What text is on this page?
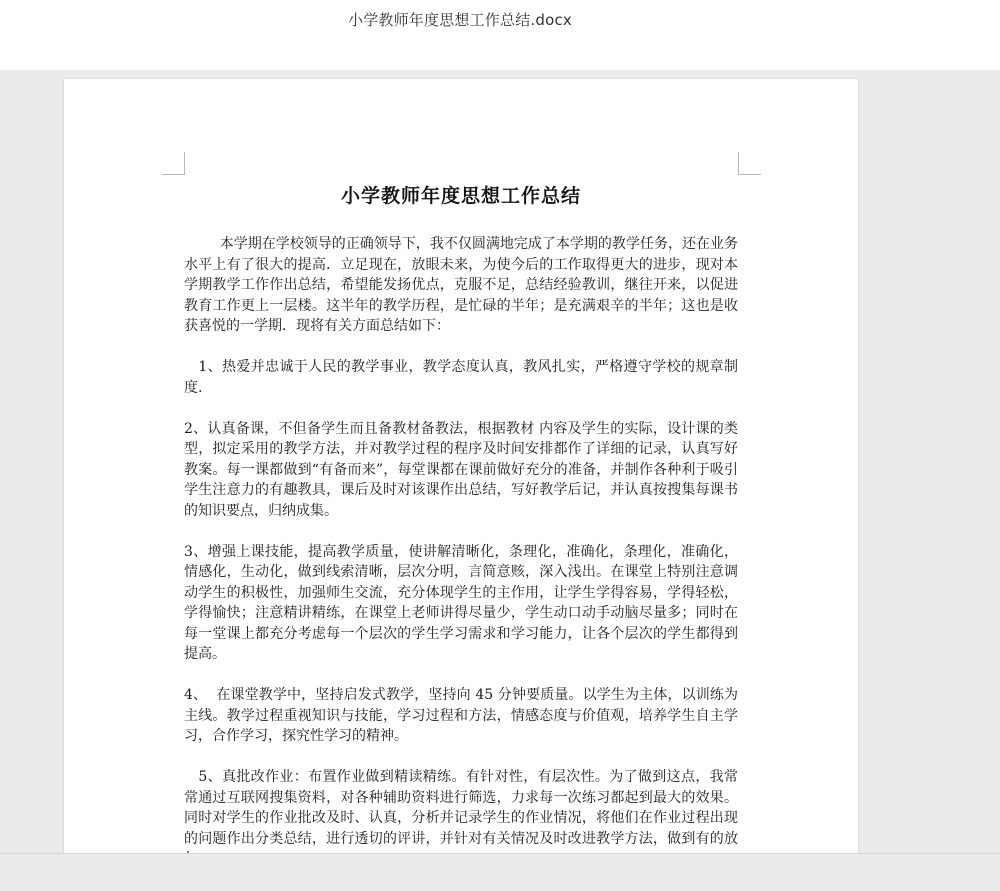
小学教师年度思想工作总结.docx
小学教师年度思想工作总结

本学期在学校领导的正确领导下，我不仅圆满地完成了本学期的教学任务，还在业务水平上有了很大的提高．立足现在，放眼未来，为使今后的工作取得更大的进步，现对本学期教学工作作出总结，希望能发扬优点，克服不足，总结经验教训，继往开来，以促进教育工作更上一层楼。这半年的教学历程，是忙碌的半年；是充满艰辛的半年；这也是收获喜悦的一学期．现将有关方面总结如下：

1、热爱并忠诚于人民的教学事业，教学态度认真，教风扎实，严格遵守学校的规章制度.

2、认真备课，不但备学生而且备教材备教法，根据教材 内容及学生的实际，设计课的类型，拟定采用的教学方法，并对教学过程的程序及时间安排都作了详细的记录，认真写好教案。每一课都做到“有备而来”，每堂课都在课前做好充分的准备，并制作各种利于吸引学生注意力的有趣教具，课后及时对该课作出总结，写好教学后记，并认真按搜集每课书的知识要点，归纳成集。

3、增强上课技能，提高教学质量，使讲解清晰化，条理化，准确化，条理化，准确化，情感化，生动化，做到线索清晰，层次分明，言简意赅，深入浅出。在课堂上特别注意调动学生的积极性，加强师生交流，充分体现学生的主作用，让学生学得容易，学得轻松，学得愉快；注意精讲精练，在课堂上老师讲得尽量少，学生动口动手动脑尽量多；同时在每一堂课上都充分考虑每一个层次的学生学习需求和学习能力，让各个层次的学生都得到提高。

4、  在课堂教学中，坚持启发式教学，坚持向 45 分钟要质量。以学生为主体，以训练为主线。教学过程重视知识与技能，学习过程和方法，情感态度与价值观，培养学生自主学习，合作学习，探究性学习的精神。

5、真批改作业：布置作业做到精读精练。有针对性，有层次性。为了做到这点，我常常通过互联网搜集资料，对各种辅助资料进行筛选，力求每一次练习都起到最大的效果。同时对学生的作业批改及时、认真，分析并记录学生的作业情况，将他们在作业过程出现的问题作出分类总结，进行透切的评讲，并针对有关情况及时改进教学方法，做到有的放
